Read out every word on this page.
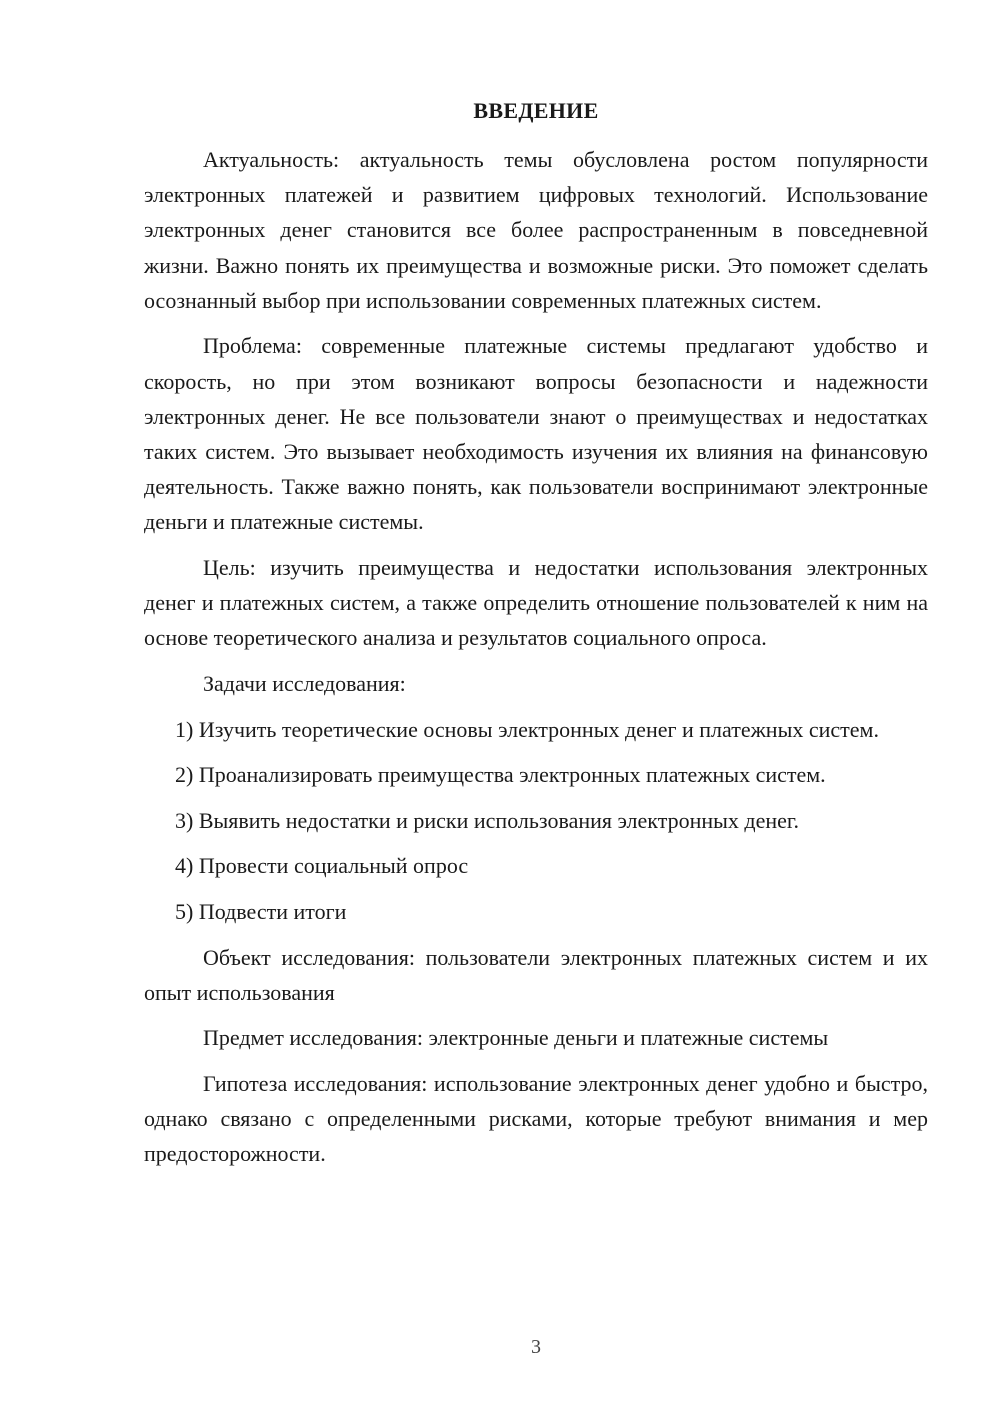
ВВЕДЕНИЕ

Актуальность: актуальность темы обусловлена ростом популярности электронных платежей и развитием цифровых технологий. Использование электронных денег становится все более распространенным в повседневной жизни. Важно понять их преимущества и возможные риски. Это поможет сделать осознанный выбор при использовании современных платежных систем.

Проблема: современные платежные системы предлагают удобство и скорость, но при этом возникают вопросы безопасности и надежности электронных денег. Не все пользователи знают о преимуществах и недостатках таких систем. Это вызывает необходимость изучения их влияния на финансовую деятельность. Также важно понять, как пользователи воспринимают электронные деньги и платежные системы.

Цель: изучить преимущества и недостатки использования электронных денег и платежных систем, а также определить отношение пользователей к ним на основе теоретического анализа и результатов социального опроса.

Задачи исследования:

1) Изучить теоретические основы электронных денег и платежных систем.

2) Проанализировать преимущества электронных платежных систем.

3) Выявить недостатки и риски использования электронных денег.

4) Провести социальный опрос

5) Подвести итоги

Объект исследования: пользователи электронных платежных систем и их опыт использования

Предмет исследования: электронные деньги и платежные системы

Гипотеза исследования: использование электронных денег удобно и быстро, однако связано с определенными рисками, которые требуют внимания и мер предосторожности.

3
